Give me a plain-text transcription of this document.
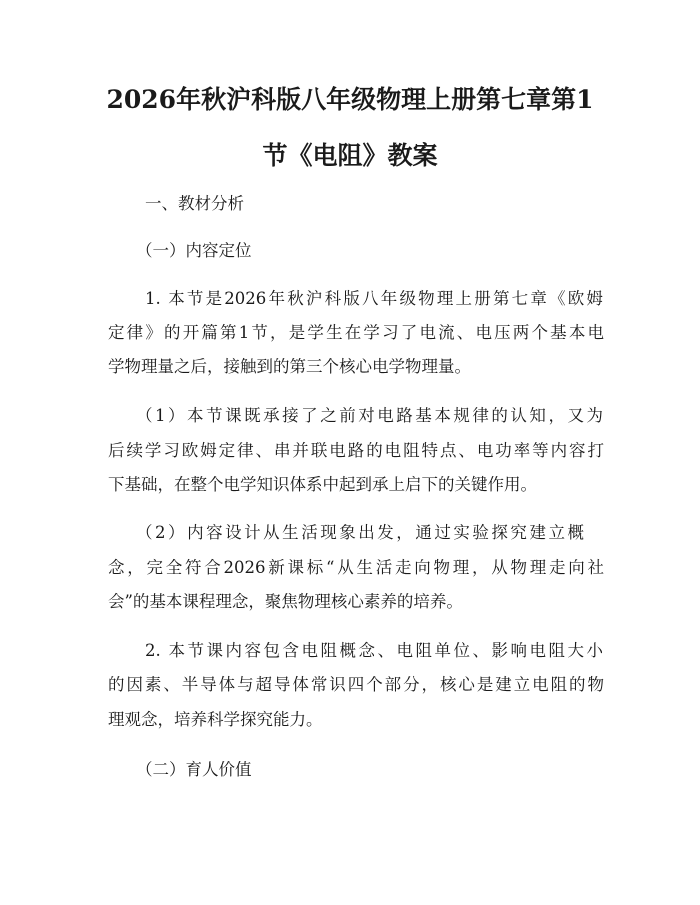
2026年秋沪科版八年级物理上册第七章第1
节《电阻》教案
一、教材分析
（一）内容定位
1. 本节是2026年秋沪科版八年级物理上册第七章《欧姆
定律》的开篇第1节，是学生在学习了电流、电压两个基本电
学物理量之后，接触到的第三个核心电学物理量。
（1）本节课既承接了之前对电路基本规律的认知，又为
后续学习欧姆定律、串并联电路的电阻特点、电功率等内容打
下基础，在整个电学知识体系中起到承上启下的关键作用。
（2）内容设计从生活现象出发，通过实验探究建立概
念，完全符合2026新课标“从生活走向物理，从物理走向社
会”的基本课程理念，聚焦物理核心素养的培养。
2. 本节课内容包含电阻概念、电阻单位、影响电阻大小
的因素、半导体与超导体常识四个部分，核心是建立电阻的物
理观念，培养科学探究能力。
（二）育人价值
